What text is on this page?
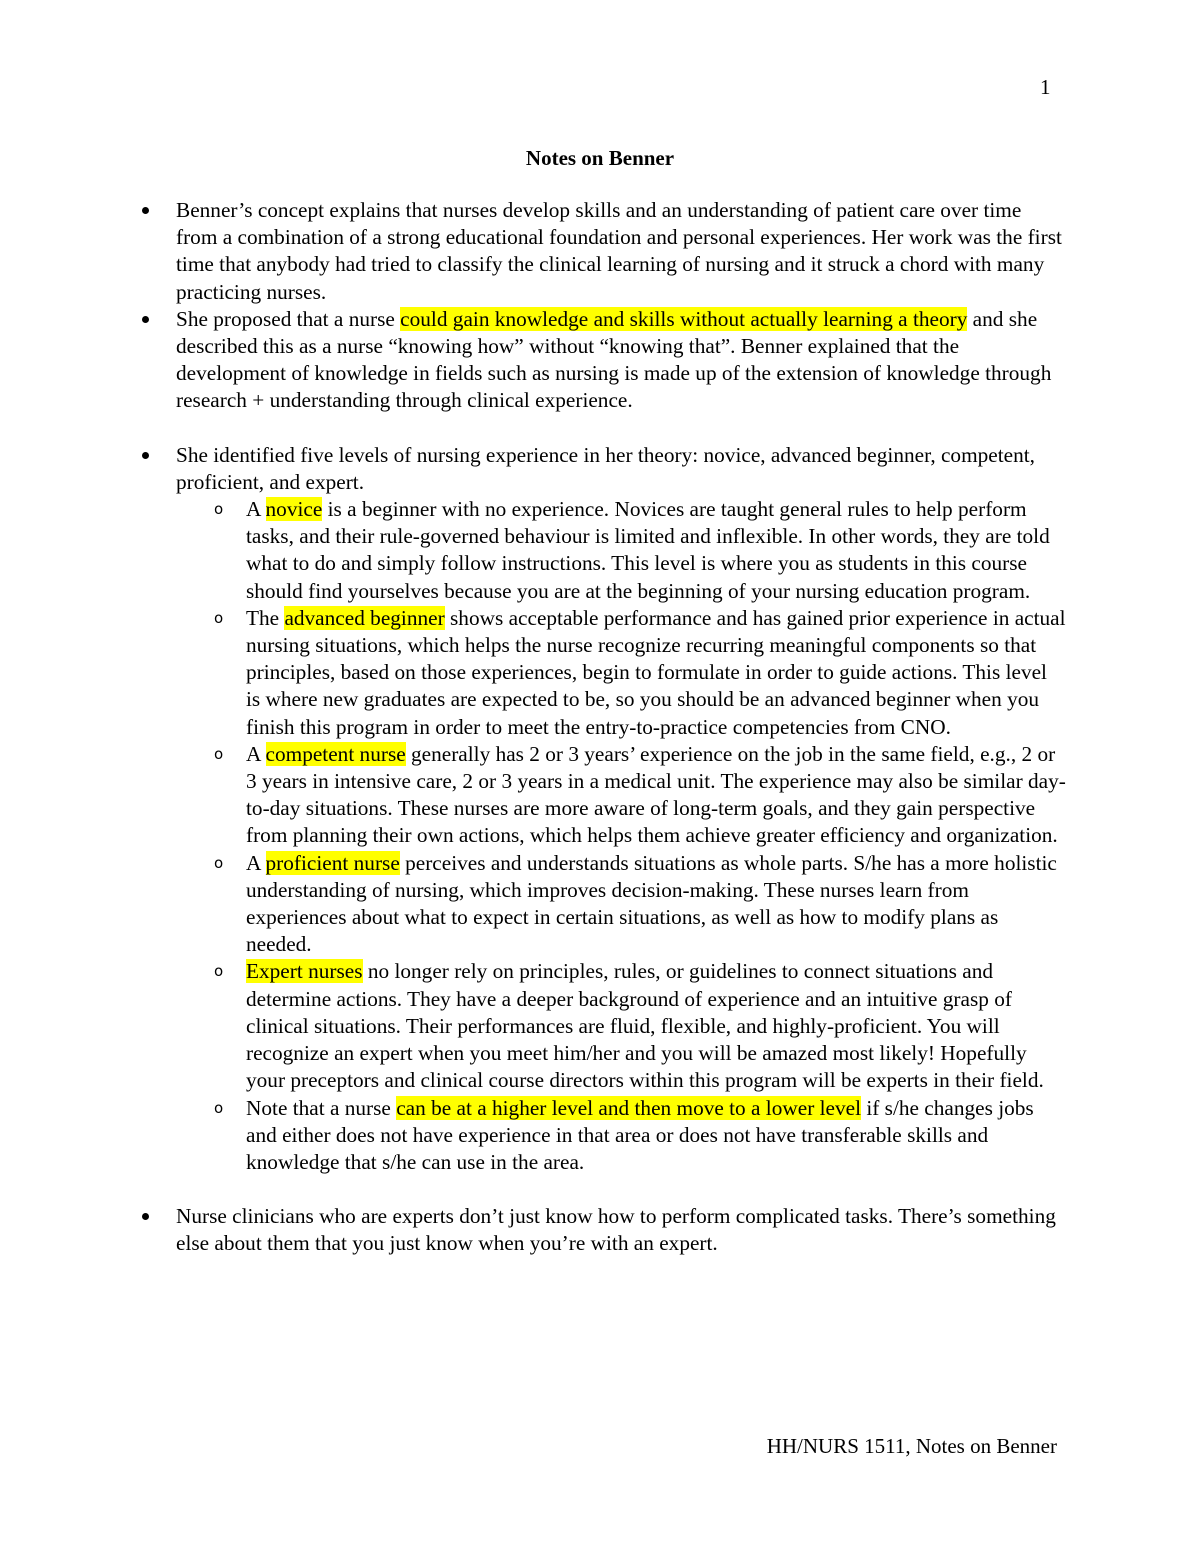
1
Notes on Benner
Benner’s concept explains that nurses develop skills and an understanding of patient care over time from a combination of a strong educational foundation and personal experiences. Her work was the first time that anybody had tried to classify the clinical learning of nursing and it struck a chord with many practicing nurses.
She proposed that a nurse could gain knowledge and skills without actually learning a theory and she described this as a nurse “knowing how” without “knowing that”. Benner explained that the development of knowledge in fields such as nursing is made up of the extension of knowledge through research + understanding through clinical experience.
She identified five levels of nursing experience in her theory: novice, advanced beginner, competent, proficient, and expert.
o A novice is a beginner with no experience. Novices are taught general rules to help perform tasks, and their rule-governed behaviour is limited and inflexible. In other words, they are told what to do and simply follow instructions. This level is where you as students in this course should find yourselves because you are at the beginning of your nursing education program.
o The advanced beginner shows acceptable performance and has gained prior experience in actual nursing situations, which helps the nurse recognize recurring meaningful components so that principles, based on those experiences, begin to formulate in order to guide actions. This level is where new graduates are expected to be, so you should be an advanced beginner when you finish this program in order to meet the entry-to-practice competencies from CNO.
o A competent nurse generally has 2 or 3 years’ experience on the job in the same field, e.g., 2 or 3 years in intensive care, 2 or 3 years in a medical unit. The experience may also be similar day-to-day situations. These nurses are more aware of long-term goals, and they gain perspective from planning their own actions, which helps them achieve greater efficiency and organization.
o A proficient nurse perceives and understands situations as whole parts. S/he has a more holistic understanding of nursing, which improves decision-making. These nurses learn from experiences about what to expect in certain situations, as well as how to modify plans as needed.
o Expert nurses no longer rely on principles, rules, or guidelines to connect situations and determine actions. They have a deeper background of experience and an intuitive grasp of clinical situations. Their performances are fluid, flexible, and highly-proficient. You will recognize an expert when you meet him/her and you will be amazed most likely! Hopefully your preceptors and clinical course directors within this program will be experts in their field.
o Note that a nurse can be at a higher level and then move to a lower level if s/he changes jobs and either does not have experience in that area or does not have transferable skills and knowledge that s/he can use in the area.
Nurse clinicians who are experts don’t just know how to perform complicated tasks. There’s something else about them that you just know when you’re with an expert.
HH/NURS 1511, Notes on Benner
